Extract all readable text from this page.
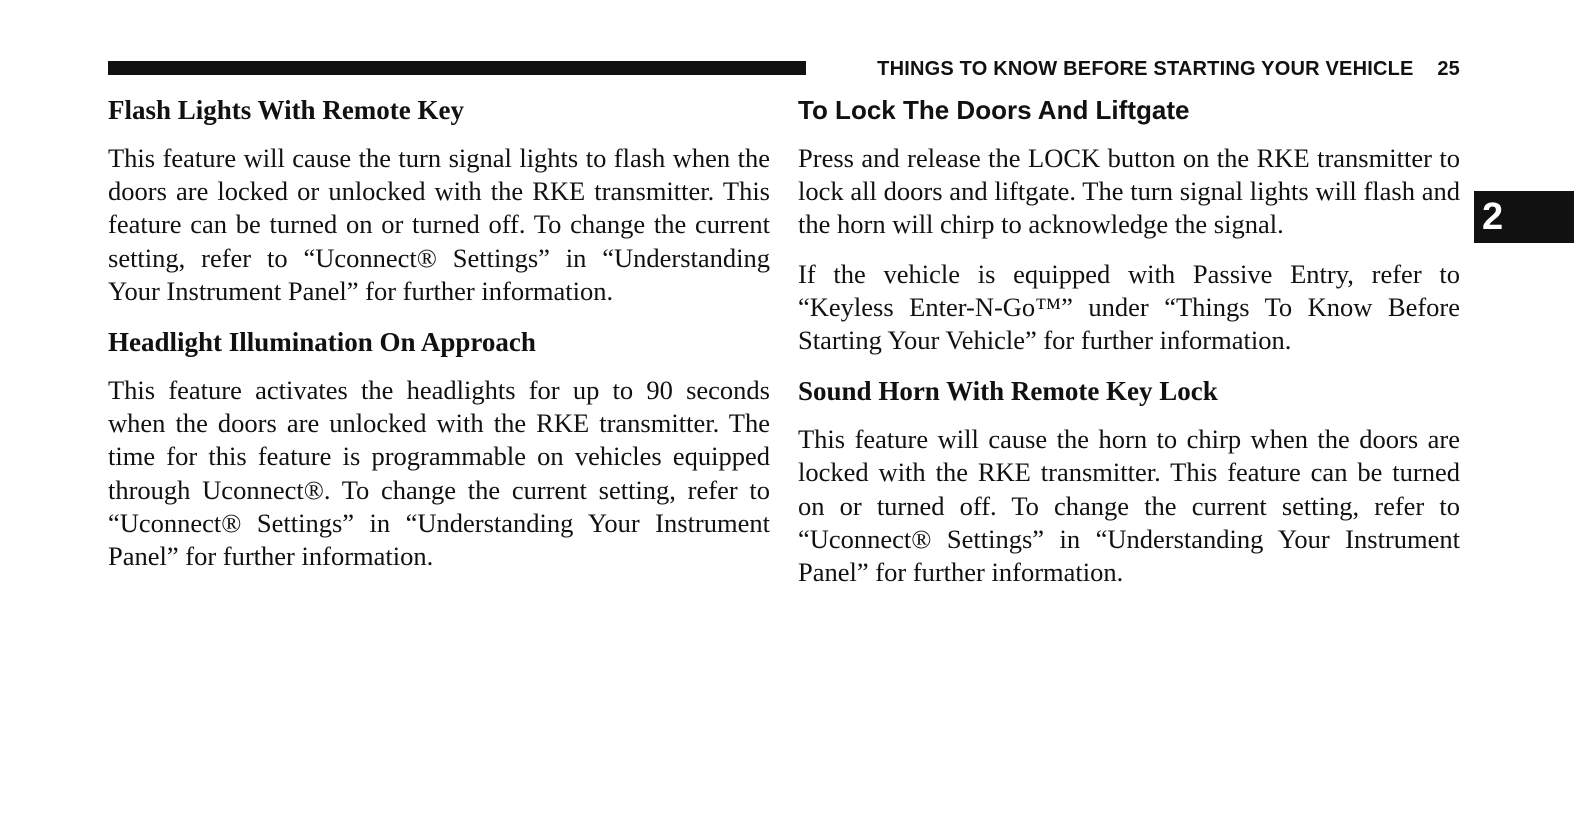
THINGS TO KNOW BEFORE STARTING YOUR VEHICLE 25
2
Flash Lights With Remote Key

This feature will cause the turn signal lights to flash when the doors are locked or unlocked with the RKE transmitter. This feature can be turned on or turned off. To change the current setting, refer to “Uconnect® Settings” in “Understanding Your Instrument Panel” for further information.

Headlight Illumination On Approach

This feature activates the headlights for up to 90 seconds when the doors are unlocked with the RKE transmitter. The time for this feature is programmable on vehicles equipped through Uconnect®. To change the current setting, refer to “Uconnect® Settings” in “Understanding Your Instrument Panel” for further information.

To Lock The Doors And Liftgate

Press and release the LOCK button on the RKE transmitter to lock all doors and liftgate. The turn signal lights will flash and the horn will chirp to acknowledge the signal.

If the vehicle is equipped with Passive Entry, refer to “Keyless Enter-N-Go™” under “Things To Know Before Starting Your Vehicle” for further information.

Sound Horn With Remote Key Lock

This feature will cause the horn to chirp when the doors are locked with the RKE transmitter. This feature can be turned on or turned off. To change the current setting, refer to “Uconnect® Settings” in “Understanding Your Instrument Panel” for further information.
